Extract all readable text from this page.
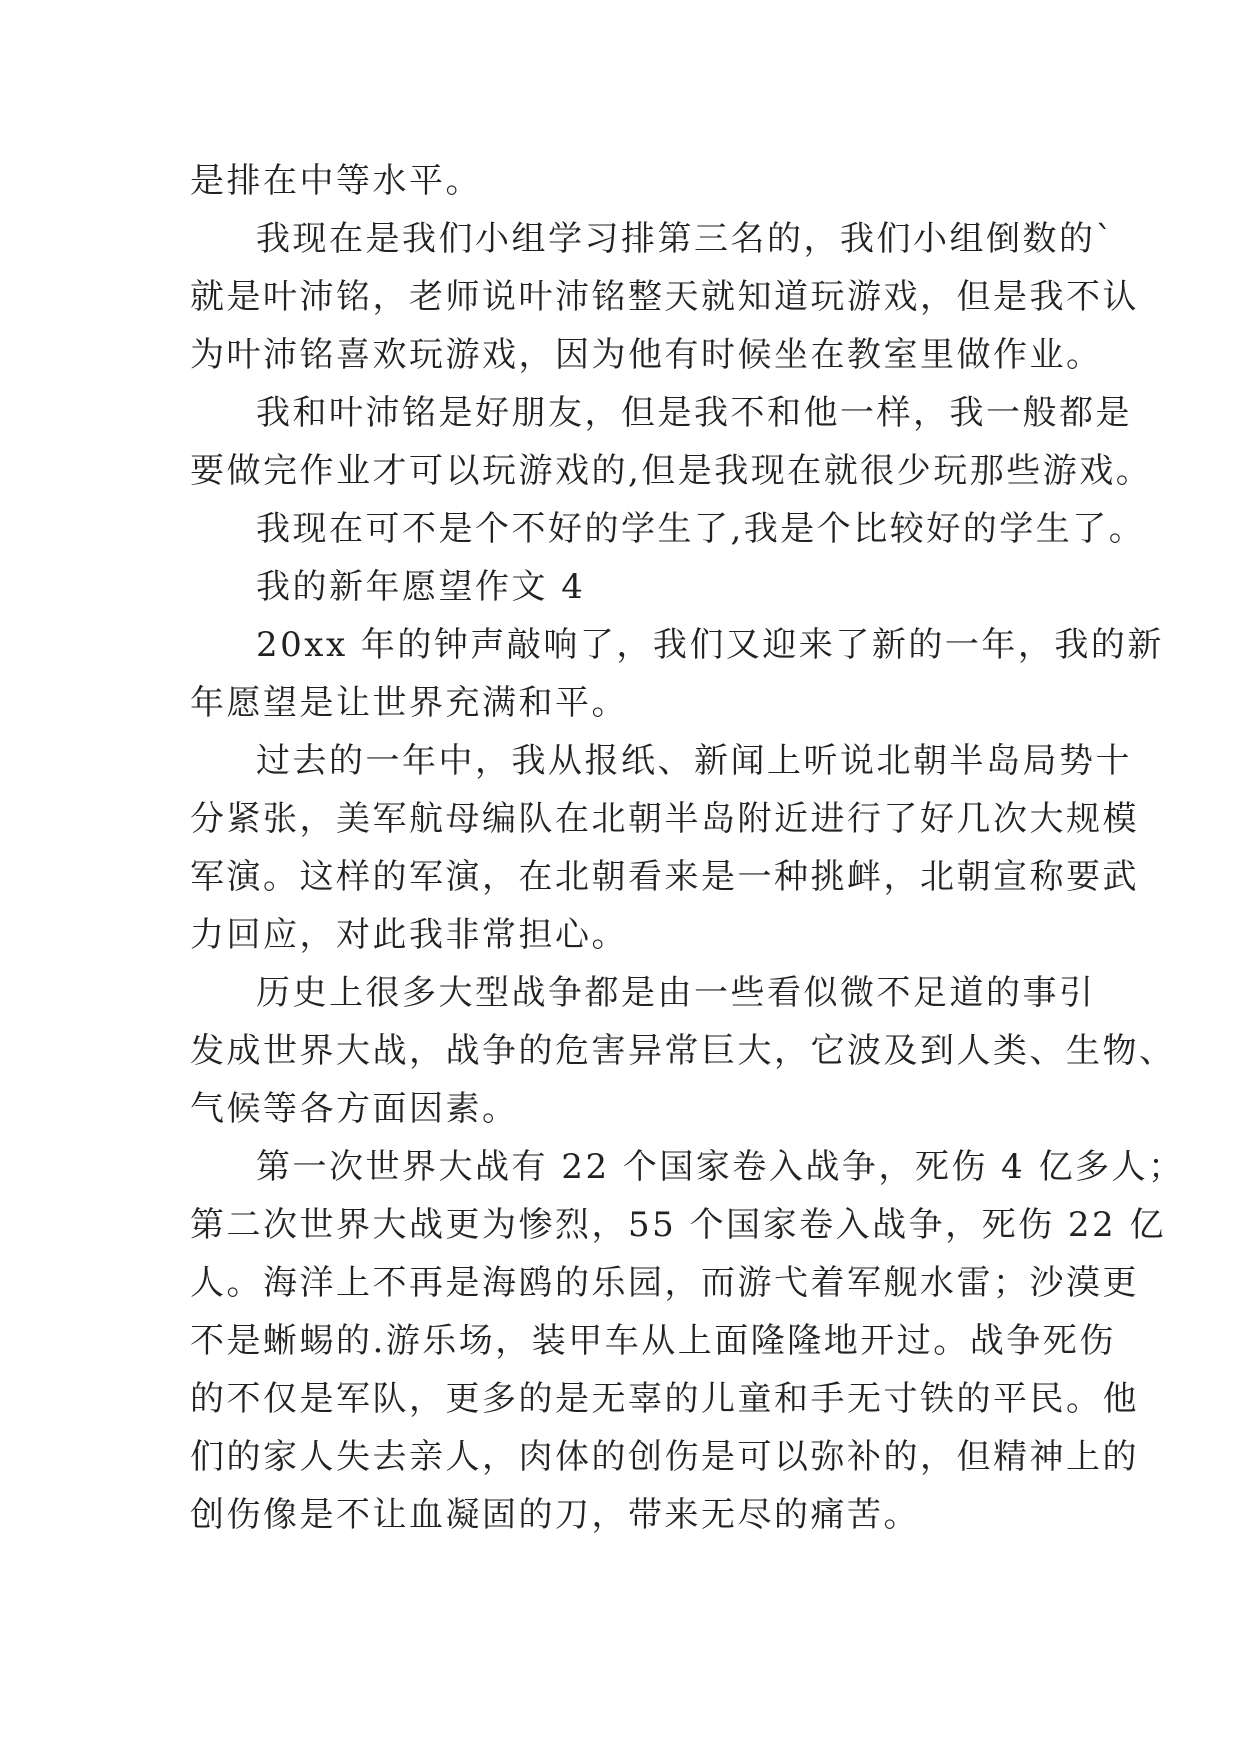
是排在中等水平。
我现在是我们小组学习排第三名的，我们小组倒数的`
就是叶沛铭，老师说叶沛铭整天就知道玩游戏，但是我不认
为叶沛铭喜欢玩游戏，因为他有时候坐在教室里做作业。
我和叶沛铭是好朋友，但是我不和他一样，我一般都是
要做完作业才可以玩游戏的,但是我现在就很少玩那些游戏。
我现在可不是个不好的学生了,我是个比较好的学生了。
我的新年愿望作文 4
20xx 年的钟声敲响了，我们又迎来了新的一年，我的新
年愿望是让世界充满和平。
过去的一年中，我从报纸、新闻上听说北朝半岛局势十
分紧张，美军航母编队在北朝半岛附近进行了好几次大规模
军演。这样的军演，在北朝看来是一种挑衅，北朝宣称要武
力回应，对此我非常担心。
历史上很多大型战争都是由一些看似微不足道的事引
发成世界大战，战争的危害异常巨大，它波及到人类、生物、
气候等各方面因素。
第一次世界大战有 22 个国家卷入战争，死伤 4 亿多人；
第二次世界大战更为惨烈，55 个国家卷入战争，死伤 22 亿
人。海洋上不再是海鸥的乐园，而游弋着军舰水雷；沙漠更
不是蜥蜴的.游乐场，装甲车从上面隆隆地开过。战争死伤
的不仅是军队，更多的是无辜的儿童和手无寸铁的平民。他
们的家人失去亲人，肉体的创伤是可以弥补的，但精神上的
创伤像是不让血凝固的刀，带来无尽的痛苦。
